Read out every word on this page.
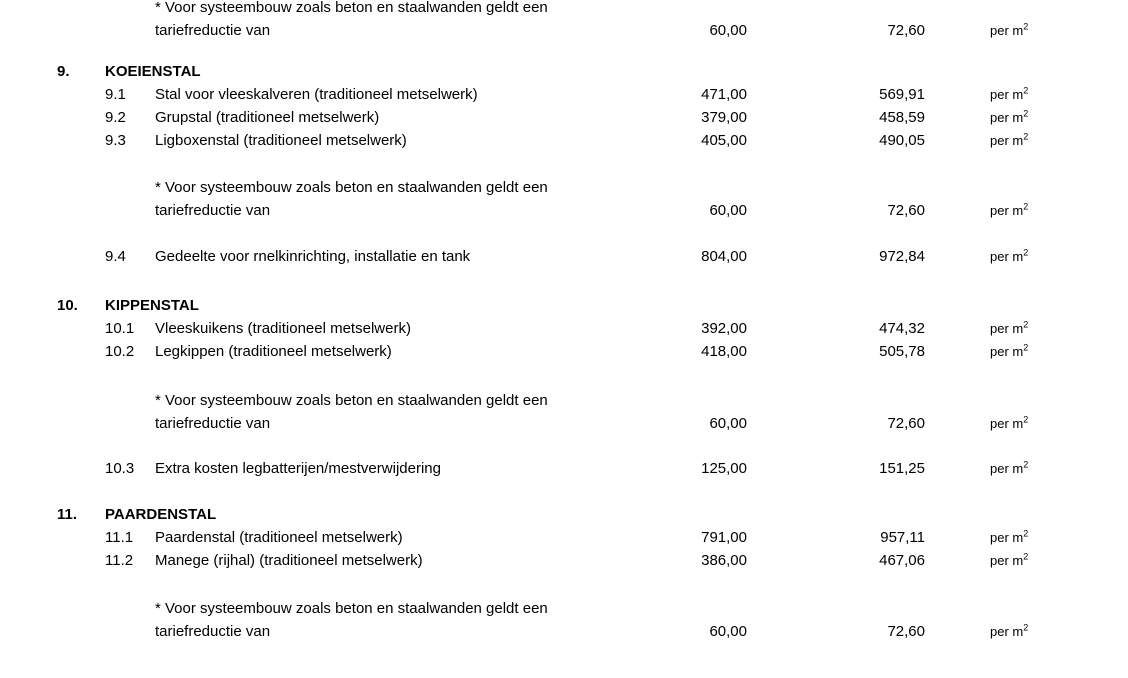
* Voor systeembouw zoals beton en staalwanden geldt een
tariefreductie van	60,00	72,60	per $m^2$
9.	KOEIENSTAL
9.1	Stal voor vleeskalveren (traditioneel metselwerk)	471,00	569,91	per $m^2$
9.2	Grupstal (traditioneel metselwerk)	379,00	458,59	per $m^2$
9.3	Ligboxenstal (traditioneel metselwerk)	405,00	490,05	per $m^2$
* Voor systeembouw zoals beton en staalwanden geldt een
tariefreductie van	60,00	72,60	per $m^2$
9.4	Gedeelte voor rnelkinrichting, installatie en tank	804,00	972,84	per $m^2$
10.	KIPPENSTAL
10.1	Vleeskuikens (traditioneel metselwerk)	392,00	474,32	per $m^2$
10.2	Legkippen (traditioneel metselwerk)	418,00	505,78	per $m^2$
* Voor systeembouw zoals beton en staalwanden geldt een
tariefreductie van	60,00	72,60	per $m^2$
10.3	Extra kosten legbatterijen/mestverwijdering	125,00	151,25	per $m^2$
11.	PAARDENSTAL
11.1	Paardenstal (traditioneel metselwerk)	791,00	957,11	per $m^2$
11.2	Manege (rijhal) (traditioneel metselwerk)	386,00	467,06	per $m^2$
* Voor systeembouw zoals beton en staalwanden geldt een
tariefreductie van	60,00	72,60	per $m^2$
